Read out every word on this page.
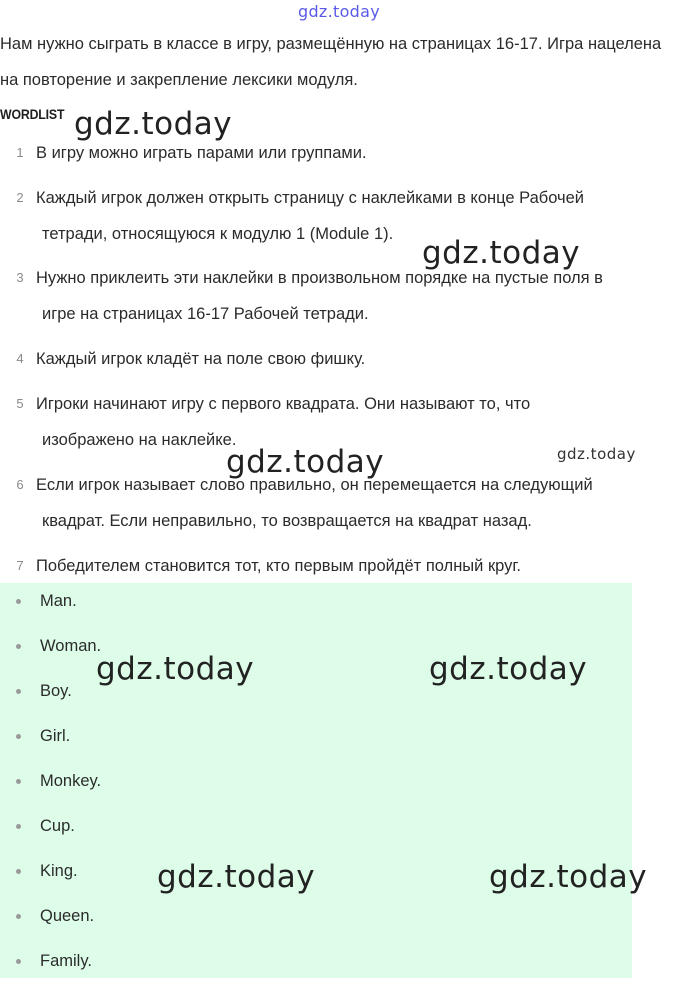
gdz.today
Нам нужно сыграть в классе в игру, размещённую на страницах 16-17. Игра нацелена на повторение и закрепление лексики модуля.
WORDLIST
1 В игру можно играть парами или группами.
2 Каждый игрок должен открыть страницу с наклейками в конце Рабочей
тетради, относящуюся к модулю 1 (Module 1).
3 Нужно приклеить эти наклейки в произвольном порядке на пустые поля в
игре на страницах 16-17 Рабочей тетради.
4 Каждый игрок кладёт на поле свою фишку.
5 Игроки начинают игру с первого квадрата. Они называют то, что
изображено на наклейке.
6 Если игрок называет слово правильно, он перемещается на следующий
квадрат. Если неправильно, то возвращается на квадрат назад.
7 Победителем становится тот, кто первым пройдёт полный круг.
Man.
Woman.
Boy.
Girl.
Monkey.
Cup.
King.
Queen.
Family.
gdz.today
gdz.today
gdz.today	gdz.today
gdz.today	gdz.today
gdz.today	gdz.today
